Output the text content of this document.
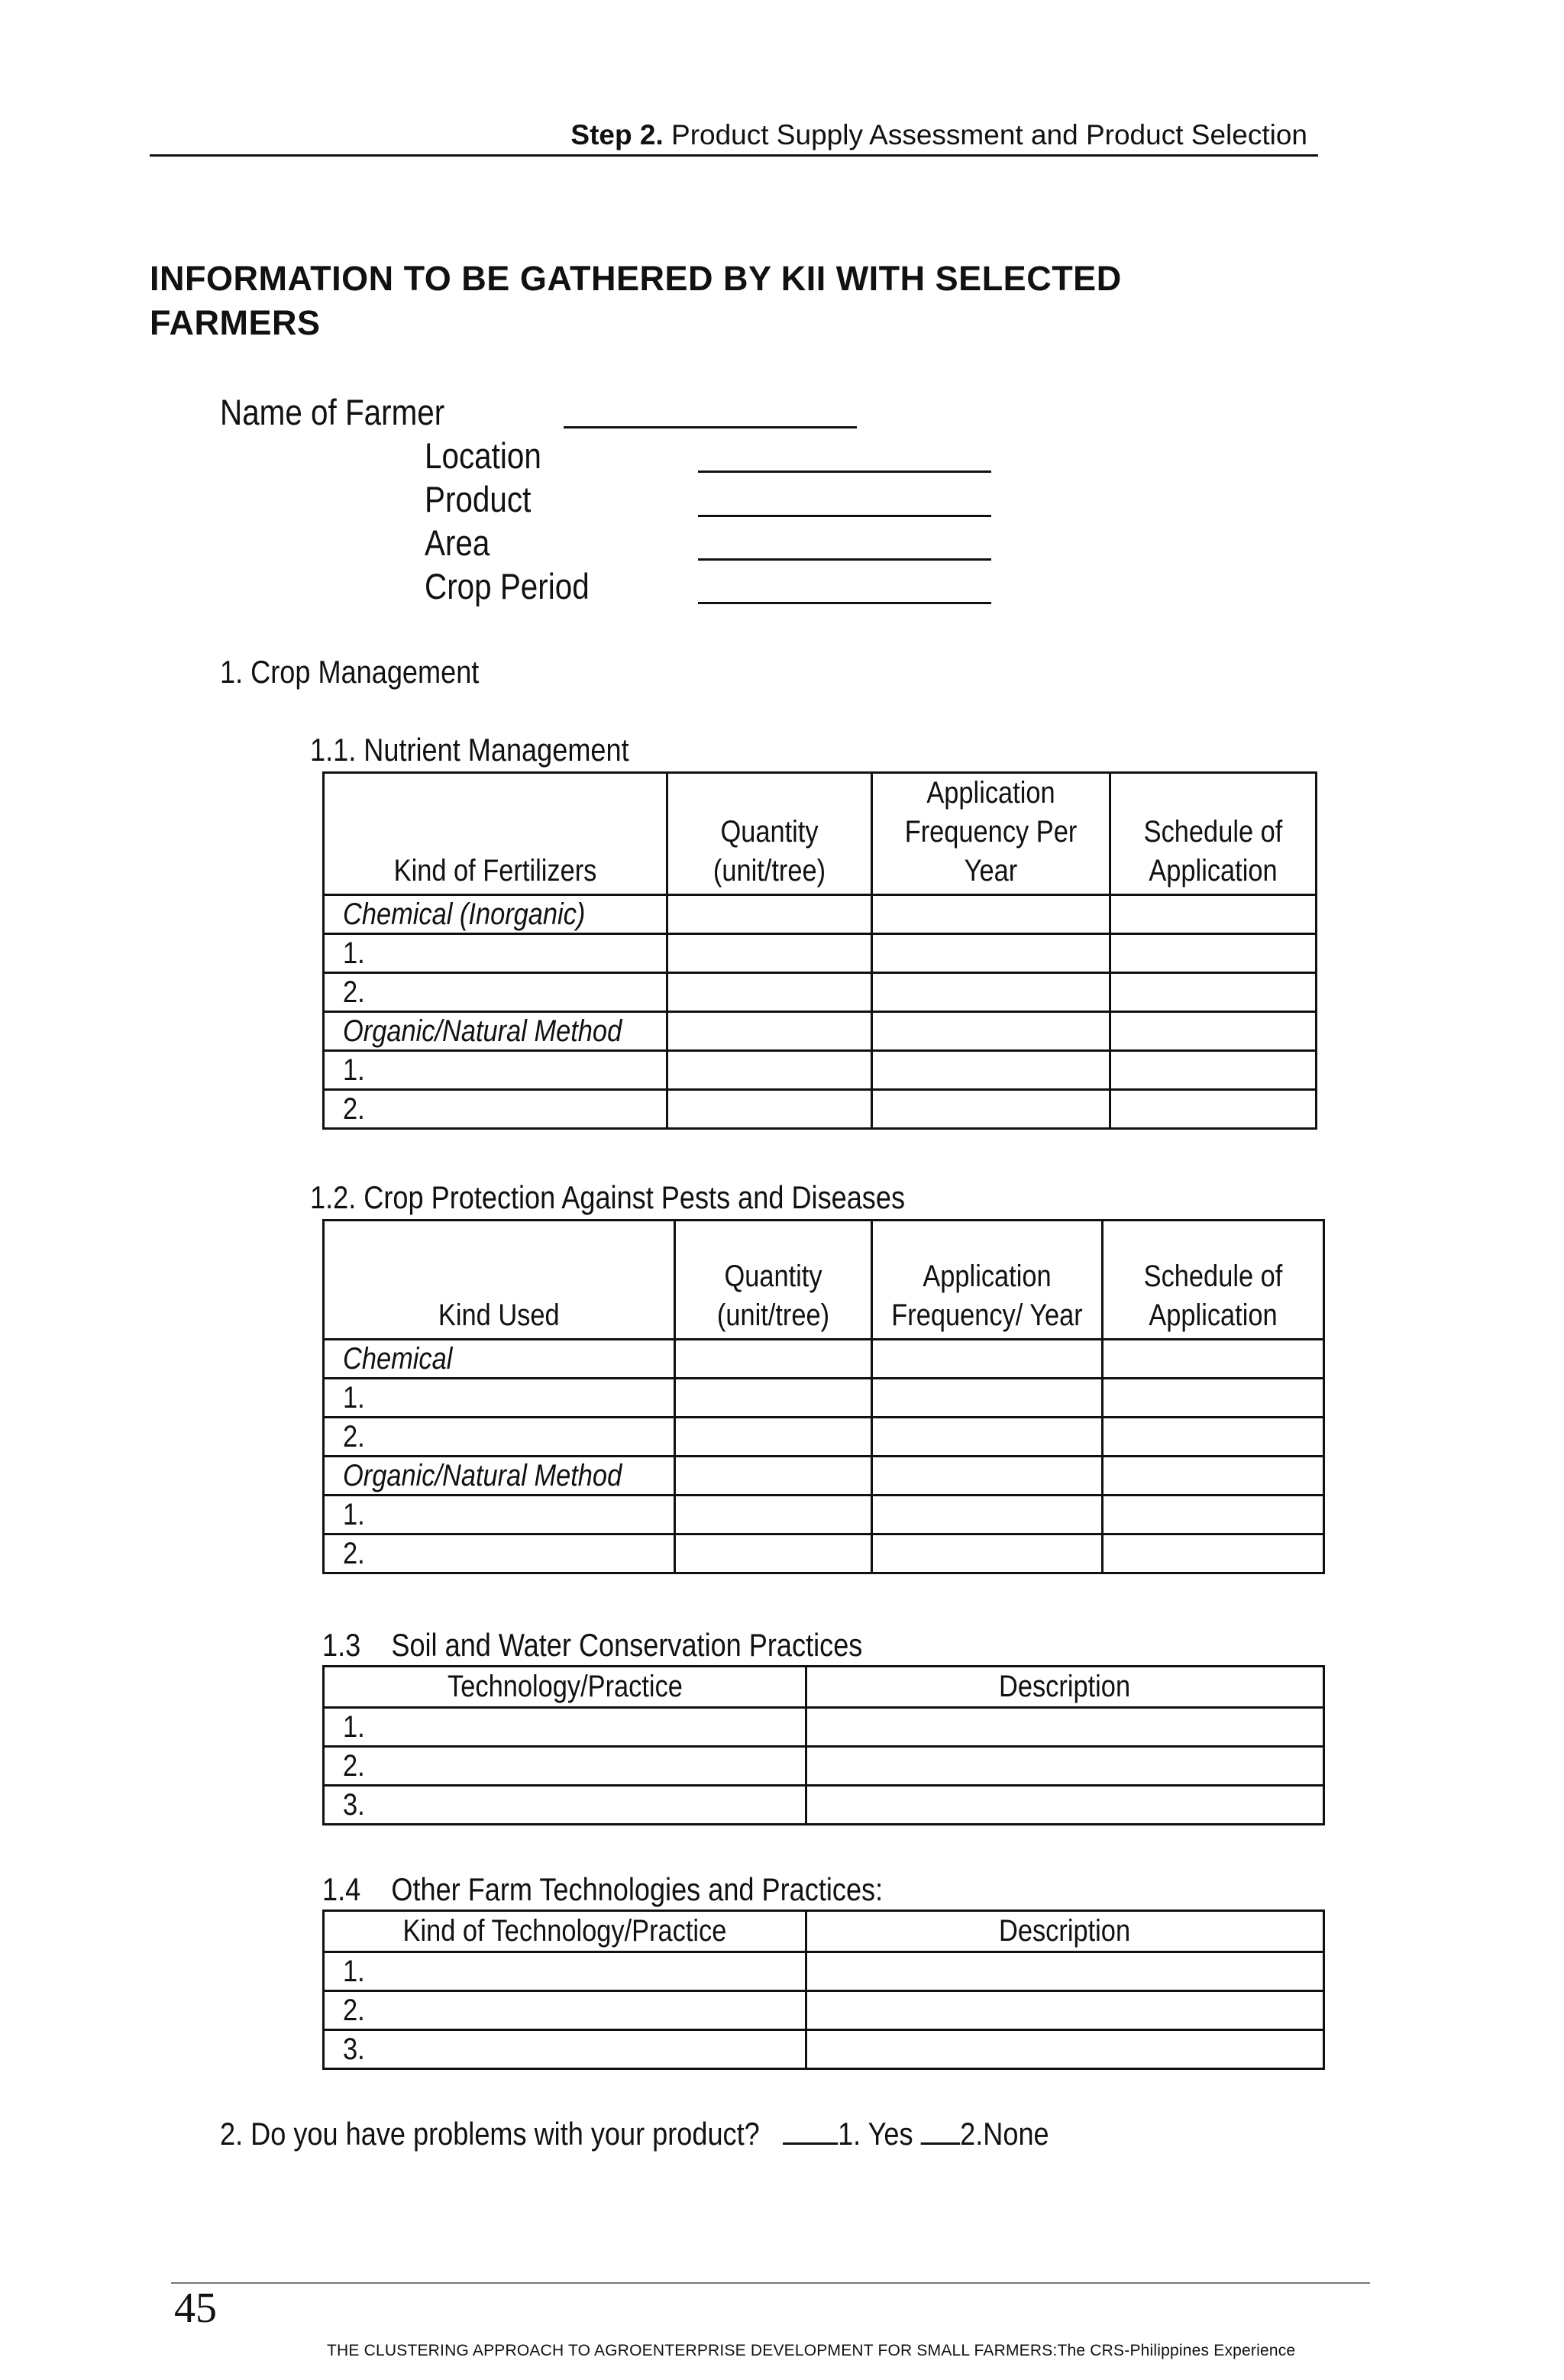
Step 2. Product Supply Assessment and Product Selection
INFORMATION TO BE GATHERED BY KII WITH SELECTED FARMERS
Name of Farmer
Location
Product
Area
Crop Period
1. Crop Management
1.1. Nutrient Management
Kind of Fertilizers	Quantity (unit/tree)	Application Frequency Per Year	Schedule of Application
Chemical (Inorganic)			
1.			
2.			
Organic/Natural Method			
1.			
2.			
1.2. Crop Protection Against Pests and Diseases
Kind Used	Quantity (unit/tree)	Application Frequency/ Year	Schedule of Application
Chemical			
1.			
2.			
Organic/Natural Method			
1.			
2.			
1.3    Soil and Water Conservation Practices
Technology/Practice	Description
1.	
2.	
3.	
1.4    Other Farm Technologies and Practices:
Kind of Technology/Practice	Description
1.	
2.	
3.	
2. Do you have problems with your product? 1. Yes 2.None
45
THE CLUSTERING APPROACH TO AGROENTERPRISE DEVELOPMENT FOR SMALL FARMERS:The CRS-Philippines Experience
